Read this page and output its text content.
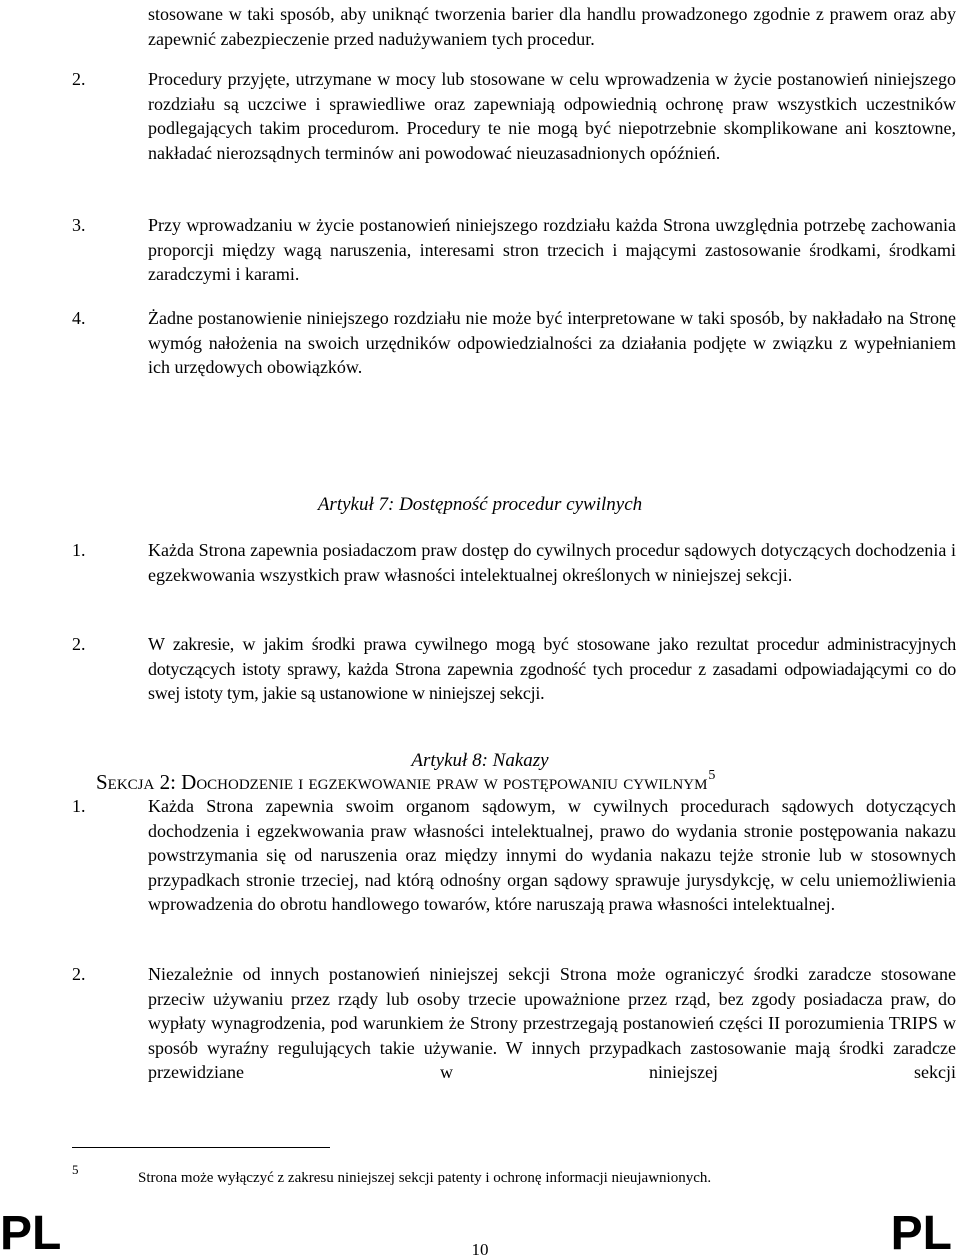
stosowane w taki sposób, aby uniknąć tworzenia barier dla handlu prowadzonego zgodnie z prawem oraz aby zapewnić zabezpieczenie przed nadużywaniem tych procedur.
2.	Procedury przyjęte, utrzymane w mocy lub stosowane w celu wprowadzenia w życie postanowień niniejszego rozdziału są uczciwe i sprawiedliwe oraz zapewniają odpowiednią ochronę praw wszystkich uczestników podlegających takim procedurom. Procedury te nie mogą być niepotrzebnie skomplikowane ani kosztowne, nakładać nierozsądnych terminów ani powodować nieuzasadnionych opóźnień.
3.	Przy wprowadzaniu w życie postanowień niniejszego rozdziału każda Strona uwzględnia potrzebę zachowania proporcji między wagą naruszenia, interesami stron trzecich i mającymi zastosowanie środkami, środkami zaradczymi i karami.
4.	Żadne postanowienie niniejszego rozdziału nie może być interpretowane w taki sposób, by nakładało na Stronę wymóg nałożenia na swoich urzędników odpowiedzialności za działania podjęte w związku z wypełnianiem ich urzędowych obowiązków.
Sekcja 2: Dochodzenie i egzekwowanie praw w postępowaniu cywilnym$^5$
Artykuł 7: Dostępność procedur cywilnych
1.	Każda Strona zapewnia posiadaczom praw dostęp do cywilnych procedur sądowych dotyczących dochodzenia i egzekwowania wszystkich praw własności intelektualnej określonych w niniejszej sekcji.
2.	W zakresie, w jakim środki prawa cywilnego mogą być stosowane jako rezultat procedur administracyjnych dotyczących istoty sprawy, każda Strona zapewnia zgodność tych procedur z zasadami odpowiadającymi co do swej istoty tym, jakie są ustanowione w niniejszej sekcji.
Artykuł 8: Nakazy
1.	Każda Strona zapewnia swoim organom sądowym, w cywilnych procedurach sądowych dotyczących dochodzenia i egzekwowania praw własności intelektualnej, prawo do wydania stronie postępowania nakazu powstrzymania się od naruszenia oraz między innymi do wydania nakazu tejże stronie lub w stosownych przypadkach stronie trzeciej, nad którą odnośny organ sądowy sprawuje jurysdykcję, w celu uniemożliwienia wprowadzenia do obrotu handlowego towarów, które naruszają prawa własności intelektualnej.
2.	Niezależnie od innych postanowień niniejszej sekcji Strona może ograniczyć środki zaradcze stosowane przeciw używaniu przez rządy lub osoby trzecie upoważnione przez rząd, bez zgody posiadacza praw, do wypłaty wynagrodzenia, pod warunkiem że Strony przestrzegają postanowień części II porozumienia TRIPS w sposób wyraźny regulujących takie używanie. W innych przypadkach zastosowanie mają środki zaradcze przewidziane w niniejszej sekcji
5
Strona może wyłączyć z zakresu niniejszej sekcji patenty i ochronę informacji nieujawnionych.
PL	PL
10
